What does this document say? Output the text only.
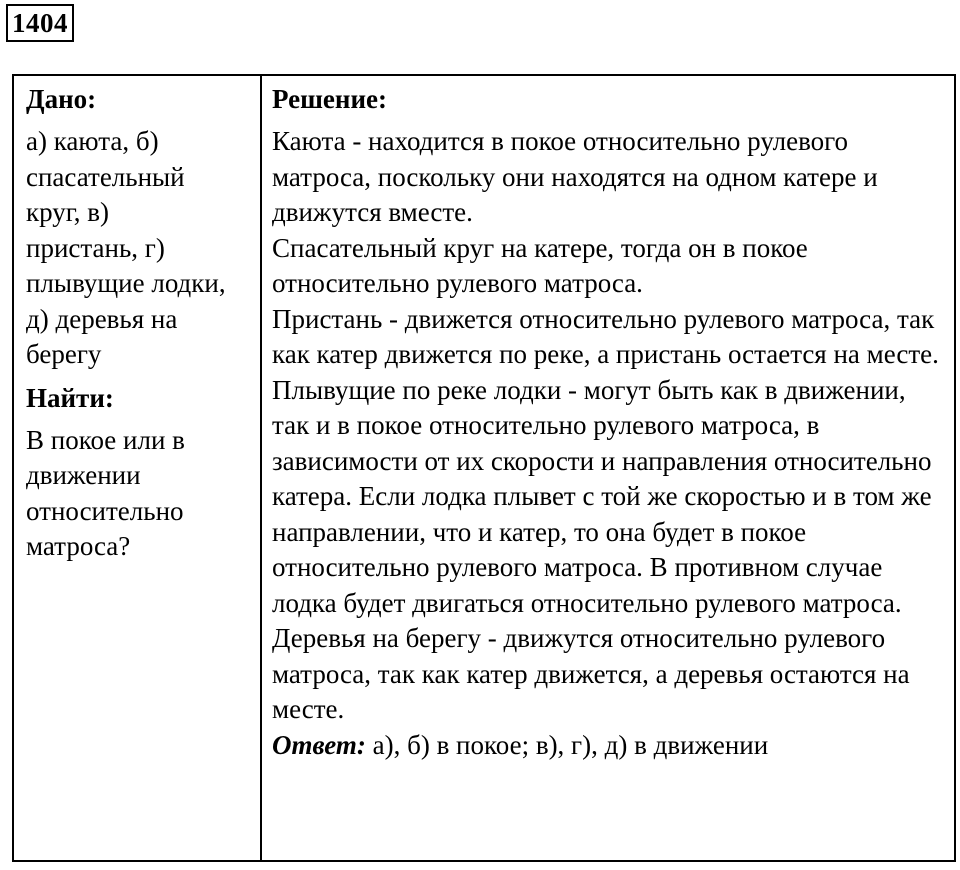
1404
Дано:

а) каюта, б) спасательный круг, в) пристань, г) плывущие лодки, д) деревья на берегу

Найти:

В покое или в движении относительно матроса?

Решение:
Каюта - находится в покое относительно рулевого матроса, поскольку они находятся на одном катере и движутся вместе.
Спасательный круг на катере, тогда он в покое относительно рулевого матроса.
Пристань - движется относительно рулевого матроса, так как катер движется по реке, а пристань остается на месте.
Плывущие по реке лодки - могут быть как в движении, так и в покое относительно рулевого матроса, в зависимости от их скорости и направления относительно катера. Если лодка плывет с той же скоростью и в том же направлении, что и катер, то она будет в покое относительно рулевого матроса. В противном случае лодка будет двигаться относительно рулевого матроса.
Деревья на берегу - движутся относительно рулевого матроса, так как катер движется, а деревья остаются на месте.
Ответ: а), б) в покое; в), г), д) в движении
